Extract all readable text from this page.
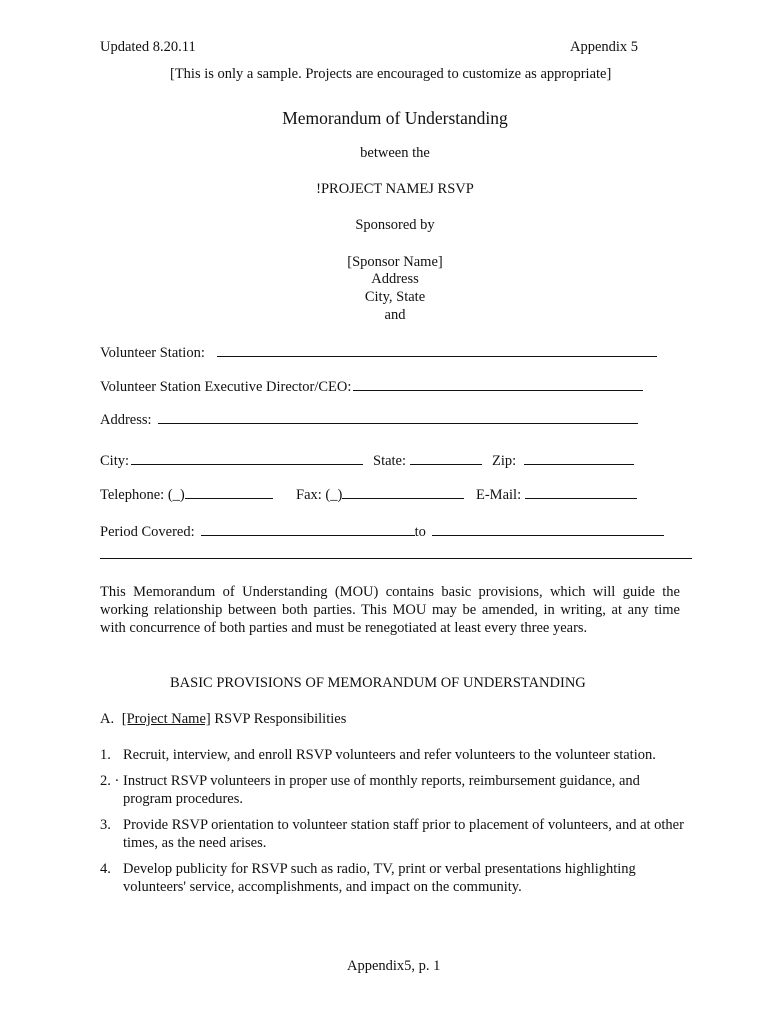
Updated 8.20.11	Appendix 5
[This is only a sample. Projects are encouraged to customize as appropriate]
Memorandum of Understanding
between the
!PROJECT NAMEJ RSVP
Sponsored by
[Sponsor Name]
Address
City, State
and
Volunteer Station:
Volunteer Station Executive Director/CEO:
Address:
City:	State:	Zip:
Telephone: (_)	Fax: (_)	E-Mail:
Period Covered:	to
This Memorandum of Understanding (MOU) contains basic provisions, which will guide the working relationship between both parties. This MOU may be amended, in writing, at any time with concurrence of both parties and must be renegotiated at least every three years.
BASIC PROVISIONS OF MEMORANDUM OF UNDERSTANDING
A. [Project Name] RSVP Responsibilities
1. Recruit, interview, and enroll RSVP volunteers and refer volunteers to the volunteer station.
2. · Instruct RSVP volunteers in proper use of monthly reports, reimbursement guidance, and program procedures.
3. Provide RSVP orientation to volunteer station staff prior to placement of volunteers, and at other times, as the need arises.
4. Develop publicity for RSVP such as radio, TV, print or verbal presentations highlighting volunteers' service, accomplishments, and impact on the community.
Appendix5, p. 1
